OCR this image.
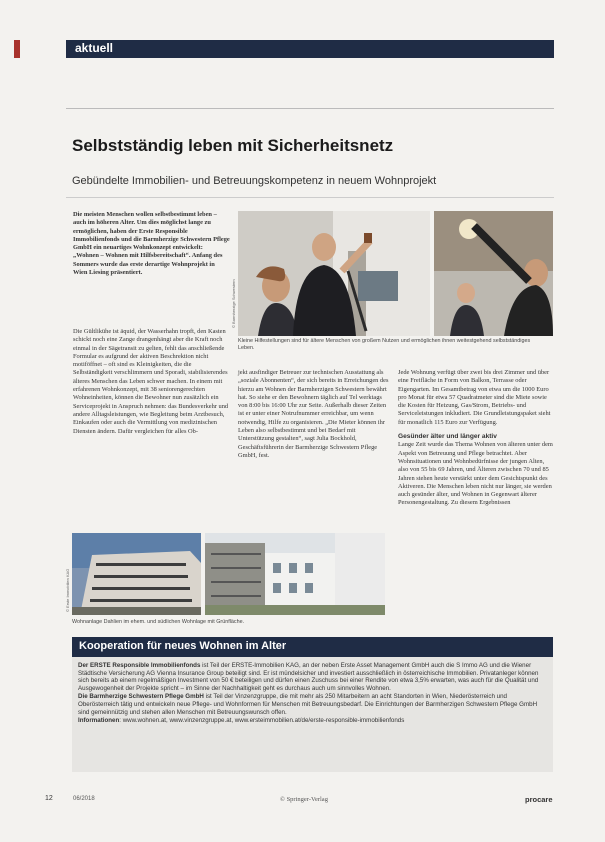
aktuell
Selbstständig leben mit Sicherheitsnetz
Gebündelte Immobilien- und Betreuungskompetenz in neuem Wohnprojekt

Die meisten Menschen wollen selbstbestimmt leben – auch im höheren Alter. Um dies möglichst lange zu ermöglichen, haben der Erste Responsible Immobilienfonds und die Barmherzige Schwestern Pflege GmbH ein neuartiges Wohnkonzept entwickelt: „Wohnen – Wohnen mit Hilfsbereitschaft“. Anfang des Sommers wurde das erste derartige Wohnprojekt in Wien Liesing präsentiert.

© Barmherzige Schwestern
Kleine Hilfestellungen sind für ältere Menschen von großem Nutzen und ermöglichen ihnen weitestgehend selbstständiges Leben.

Die Gültlikühe ist äquid, der Wasserhahn tropft, den Kasten schickt noch eine Zange drangenhängt aber die Kraft noch einmal in der Sägetransit zu gelten, fehlt das anschließende Formular es aufgrund der aktiven Beschrektion nicht motiföffnet – oft sind es Kleinigkeiten, die die Selbständigkeit verschlimmern und Sporadi, stabilisierendes älteres Menschen das Leben schwer machen. In einem mit erfahrenen Wohnkonzept, mit 38 seniorengerechten Wohneinheiten, können die Bewohner nun zusätzlich ein Serviceprojekt in Anspruch nehmen: das Bundesverkehr und andere Alltagsleistungen, wie Begleitung beim Arztbesuch, Einkaufen oder auch die Vermittlung von medizinischen Diensten ändern. Dafür vergleichen für alles Ob-

jekt ausfindiger Betreuer zur technischen Ausstattung als „soziale Abonnenten“, der sich bereits in Erreichungen des hierzu am Wohnen der Barmherzigen Schwestern bewährt hat. So siehe er den Bewohnern täglich auf Tel werktags von 8:00 bis 16:00 Uhr zur Seite. Außerhalb dieser Zeiten ist er unter einer Notrufnummer erreichbar, um wenn notwendig, Hilfe zu organisieren. „Die Mieter können ihr Leben also selbstbestimmt und bei Bedarf mit Unterstützung gestalten“, sagt Julia Bockhold, Geschäftsführerin der Barmherzige Schwestern Pflege GmbH, fest.

Jede Wohnung verfügt über zwei bis drei Zimmer und über eine Freifläche in Form von Balkon, Terrasse oder Eigengarten. Im Gesamtbetrag von etwa um die 1000 Euro pro Monat für etwa 57 Quadratmeter sind die Miete sowie die Kosten für Heizung, Gas/Strom, Betriebs- und Serviceleistungen inkludiert. Die Grundleistungspaket sieht für monatlich 115 Euro zur Verfügung.

Gesünder älter und länger aktiv

Lange Zeit wurde das Thema Wohnen von älteren unter dem Aspekt von Betreuung und Pflege betrachtet. Aber Wohnsituationen und Wohnbedürfnisse der jungen Alten, also von 55 bis 69 Jahren, und Älteren zwischen 70 und 85 Jahren stehen heute verstärkt unter dem Gesichtspunkt des Aktiveren. Die Menschen leben nicht nur länger, sie werden auch gesünder älter, und Wohnen in Gegenwart älterer Personengestaltung. Zu diesem Ergebnissen

© Erste Immobilien KAG
Wohnanlage Dahlien im ehem. und südlichen Wohnlage mit Grünfläche.
Kooperation für neues Wohnen im Alter

Der ERSTE Responsible Immobilienfonds ist Teil der ERSTE-Immobilien KAG, an der neben Erste Asset Management GmbH auch die S Immo AG und die Wiener Städtische Versicherung AG Vienna Insurance Group beteiligt sind. Er ist mündelsicher und investiert ausschließlich in österreichische Immobilien. Privatanleger können sich bereits ab einem regelmäßigen Investment von 50 € beteiligen und dürfen einen Zuschuss bei einer Rendite von etwa 3,5% erwarten, was auch für die Qualität und Ausgewogenheit der Projekte spricht – im Sinne der Nachhaltigkeit geht es durchaus auch um sinnvolles Wohnen.

Die Barmherzige Schwestern Pflege GmbH ist Teil der Vinzenzgruppe, die mit mehr als 250 Mitarbeitern an acht Standorten in Wien, Niederösterreich und Oberösterreich tätig und entwickeln neue Pflege- und Wohnformen für Menschen mit Betreuungsbedarf. Die Einrichtungen der Barmherzigen Schwestern Pflege GmbH sind gemeinnützig und stehen allen Menschen mit Betreuungswunsch offen.

Informationen: www.wohnen.at, www.vinzenzgruppe.at, www.ersteimmobilien.at/de/erste-responsible-immobilienfonds

12	06/2018	© Springer-Verlag	procare
